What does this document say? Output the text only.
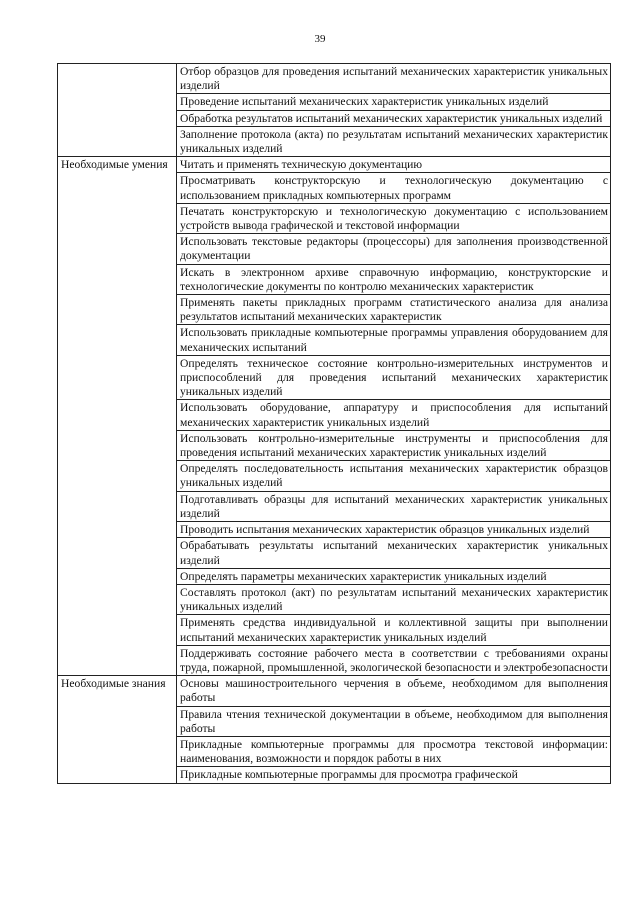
39
	Отбор образцов для проведения испытаний механических характеристик уникальных изделий
	Проведение испытаний механических характеристик уникальных изделий
	Обработка результатов испытаний механических характеристик уникальных изделий
	Заполнение протокола (акта) по результатам испытаний механических характеристик уникальных изделий
Необходимые умения	Читать и применять техническую документацию
	Просматривать конструкторскую и технологическую документацию с использованием прикладных компьютерных программ
	Печатать конструкторскую и технологическую документацию с использованием устройств вывода графической и текстовой информации
	Использовать текстовые редакторы (процессоры) для заполнения производственной документации
	Искать в электронном архиве справочную информацию, конструкторские и технологические документы по контролю механических характеристик
	Применять пакеты прикладных программ статистического анализа для анализа результатов испытаний механических характеристик
	Использовать прикладные компьютерные программы управления оборудованием для механических испытаний
	Определять техническое состояние контрольно-измерительных инструментов и приспособлений для проведения испытаний механических характеристик уникальных изделий
	Использовать оборудование, аппаратуру и приспособления для испытаний механических характеристик уникальных изделий
	Использовать контрольно-измерительные инструменты и приспособления для проведения испытаний механических характеристик уникальных изделий
	Определять последовательность испытания механических характеристик образцов уникальных изделий
	Подготавливать образцы для испытаний механических характеристик уникальных изделий
	Проводить испытания механических характеристик образцов уникальных изделий
	Обрабатывать результаты испытаний механических характеристик уникальных изделий
	Определять параметры механических характеристик уникальных изделий
	Составлять протокол (акт) по результатам испытаний механических характеристик уникальных изделий
	Применять средства индивидуальной и коллективной защиты при выполнении испытаний механических характеристик уникальных изделий
	Поддерживать состояние рабочего места в соответствии с требованиями охраны труда, пожарной, промышленной, экологической безопасности и электробезопасности
Необходимые знания	Основы машиностроительного черчения в объеме, необходимом для выполнения работы
	Правила чтения технической документации в объеме, необходимом для выполнения работы
	Прикладные компьютерные программы для просмотра текстовой информации: наименования, возможности и порядок работы в них
	Прикладные компьютерные программы для просмотра графической
